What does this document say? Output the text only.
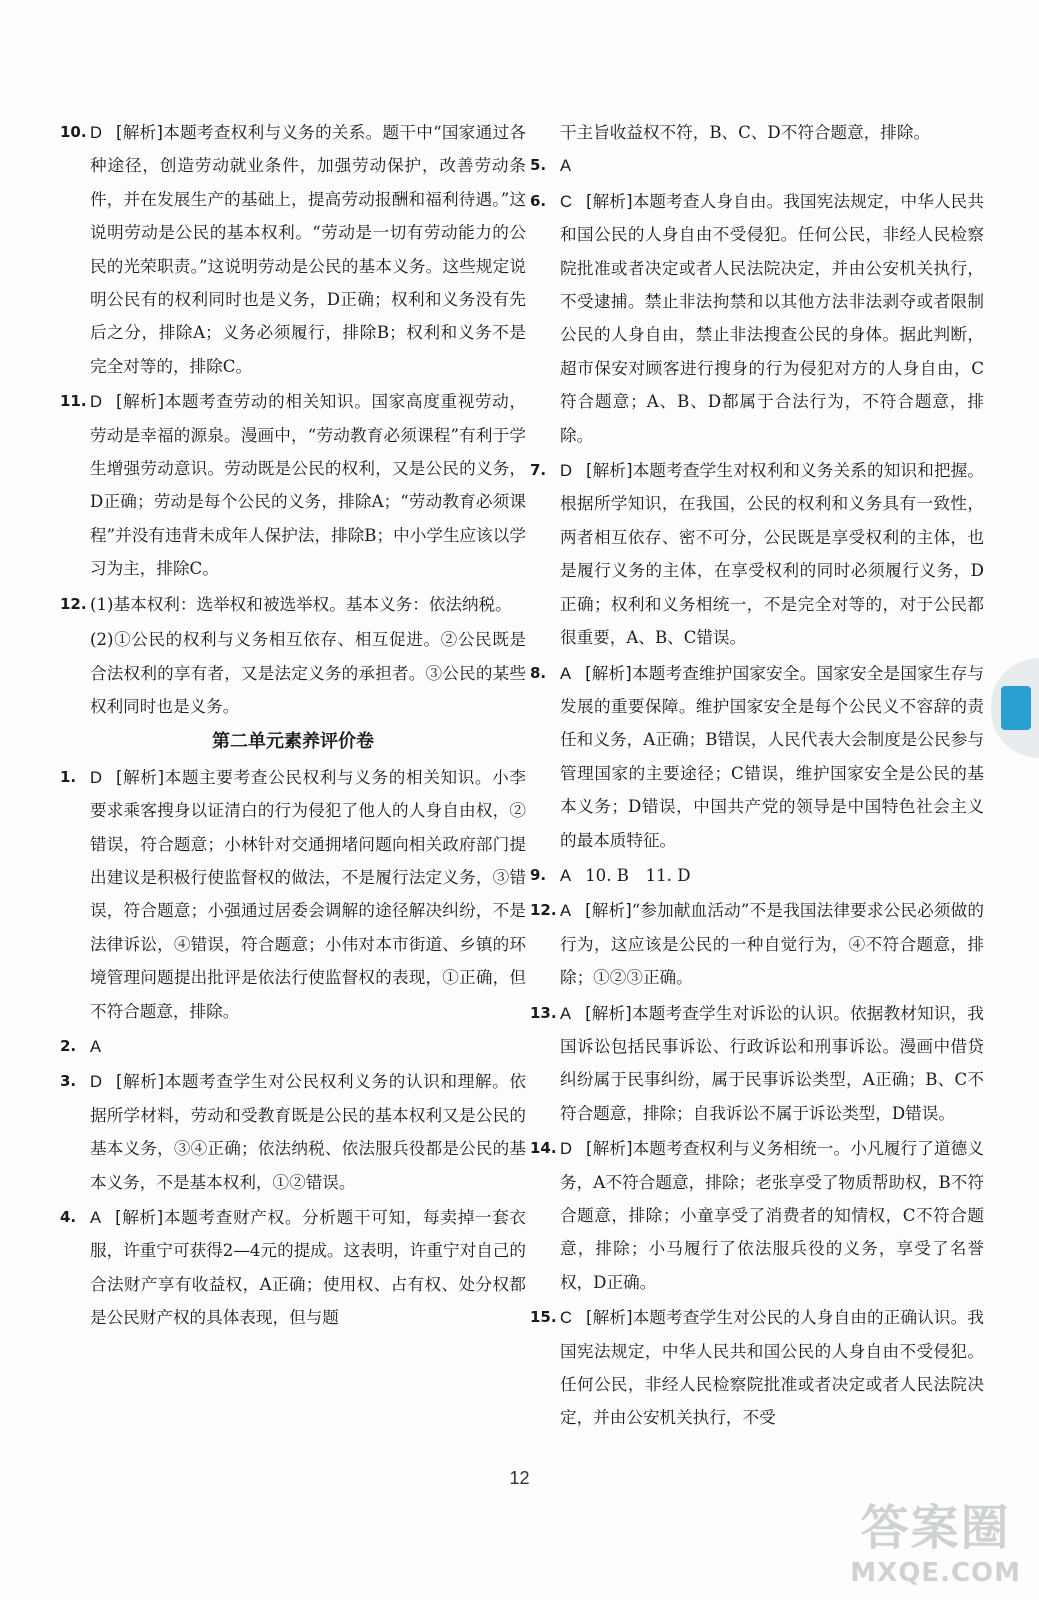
10. D [解析]本题考查权利与义务的关系。题干中“国家通过各种途径，创造劳动就业条件，加强劳动保护，改善劳动条件，并在发展生产的基础上，提高劳动报酬和福利待遇。”这说明劳动是公民的基本权利。“劳动是一切有劳动能力的公民的光荣职责。”这说明劳动是公民的基本义务。这些规定说明公民有的权利同时也是义务，D正确；权利和义务没有先后之分，排除A；义务必须履行，排除B；权利和义务不是完全对等的，排除C。
11. D [解析]本题考查劳动的相关知识。国家高度重视劳动，劳动是幸福的源泉。漫画中，“劳动教育必须课程”有利于学生增强劳动意识。劳动既是公民的权利，又是公民的义务，D正确；劳动是每个公民的义务，排除A；“劳动教育必须课程”并没有违背未成年人保护法，排除B；中小学生应该以学习为主，排除C。
12. (1)基本权利：选举权和被选举权。基本义务：依法纳税。
(2)①公民的权利与义务相互依存、相互促进。②公民既是合法权利的享有者，又是法定义务的承担者。③公民的某些权利同时也是义务。
第二单元素养评价卷
1. D [解析]本题主要考查公民权利与义务的相关知识。小李要求乘客搜身以证清白的行为侵犯了他人的人身自由权，②错误，符合题意；小林针对交通拥堵问题向相关政府部门提出建议是积极行使监督权的做法，不是履行法定义务，③错误，符合题意；小强通过居委会调解的途径解决纠纷，不是法律诉讼，④错误，符合题意；小伟对本市街道、乡镇的环境管理问题提出批评是依法行使监督权的表现，①正确，但不符合题意，排除。
2. A
3. D [解析]本题考查学生对公民权利义务的认识和理解。依据所学材料，劳动和受教育既是公民的基本权利又是公民的基本义务，③④正确；依法纳税、依法服兵役都是公民的基本义务，不是基本权利，①②错误。
4. A [解析]本题考查财产权。分析题干可知，每卖掉一套衣服，许重宁可获得2—4元的提成。这表明，许重宁对自己的合法财产享有收益权，A正确；使用权、占有权、处分权都是公民财产权的具体表现，但与题
干主旨收益权不符，B、C、D不符合题意，排除。
5. A
6. C [解析]本题考查人身自由。我国宪法规定，中华人民共和国公民的人身自由不受侵犯。任何公民，非经人民检察院批准或者决定或者人民法院决定，并由公安机关执行，不受逮捕。禁止非法拘禁和以其他方法非法剥夺或者限制公民的人身自由，禁止非法搜查公民的身体。据此判断，超市保安对顾客进行搜身的行为侵犯对方的人身自由，C符合题意；A、B、D都属于合法行为，不符合题意，排除。
7. D [解析]本题考查学生对权利和义务关系的知识和把握。根据所学知识，在我国，公民的权利和义务具有一致性，两者相互依存、密不可分，公民既是享受权利的主体，也是履行义务的主体，在享受权利的同时必须履行义务，D正确；权利和义务相统一，不是完全对等的，对于公民都很重要，A、B、C错误。
8. A [解析]本题考查维护国家安全。国家安全是国家生存与发展的重要保障。维护国家安全是每个公民义不容辞的责任和义务，A正确；B错误，人民代表大会制度是公民参与管理国家的主要途径；C错误，维护国家安全是公民的基本义务；D错误，中国共产党的领导是中国特色社会主义的最本质特征。
9. A 10. B　11. D
12. A [解析]“参加献血活动”不是我国法律要求公民必须做的行为，这应该是公民的一种自觉行为，④不符合题意，排除；①②③正确。
13. A [解析]本题考查学生对诉讼的认识。依据教材知识，我国诉讼包括民事诉讼、行政诉讼和刑事诉讼。漫画中借贷纠纷属于民事纠纷，属于民事诉讼类型，A正确；B、C不符合题意，排除；自我诉讼不属于诉讼类型，D错误。
14. D [解析]本题考查权利与义务相统一。小凡履行了道德义务，A不符合题意，排除；老张享受了物质帮助权，B不符合题意，排除；小童享受了消费者的知情权，C不符合题意，排除；小马履行了依法服兵役的义务，享受了名誉权，D正确。
15. C [解析]本题考查学生对公民的人身自由的正确认识。我国宪法规定，中华人民共和国公民的人身自由不受侵犯。任何公民，非经人民检察院批准或者决定或者人民法院决定，并由公安机关执行，不受
12
答案圈
MXQE.COM
